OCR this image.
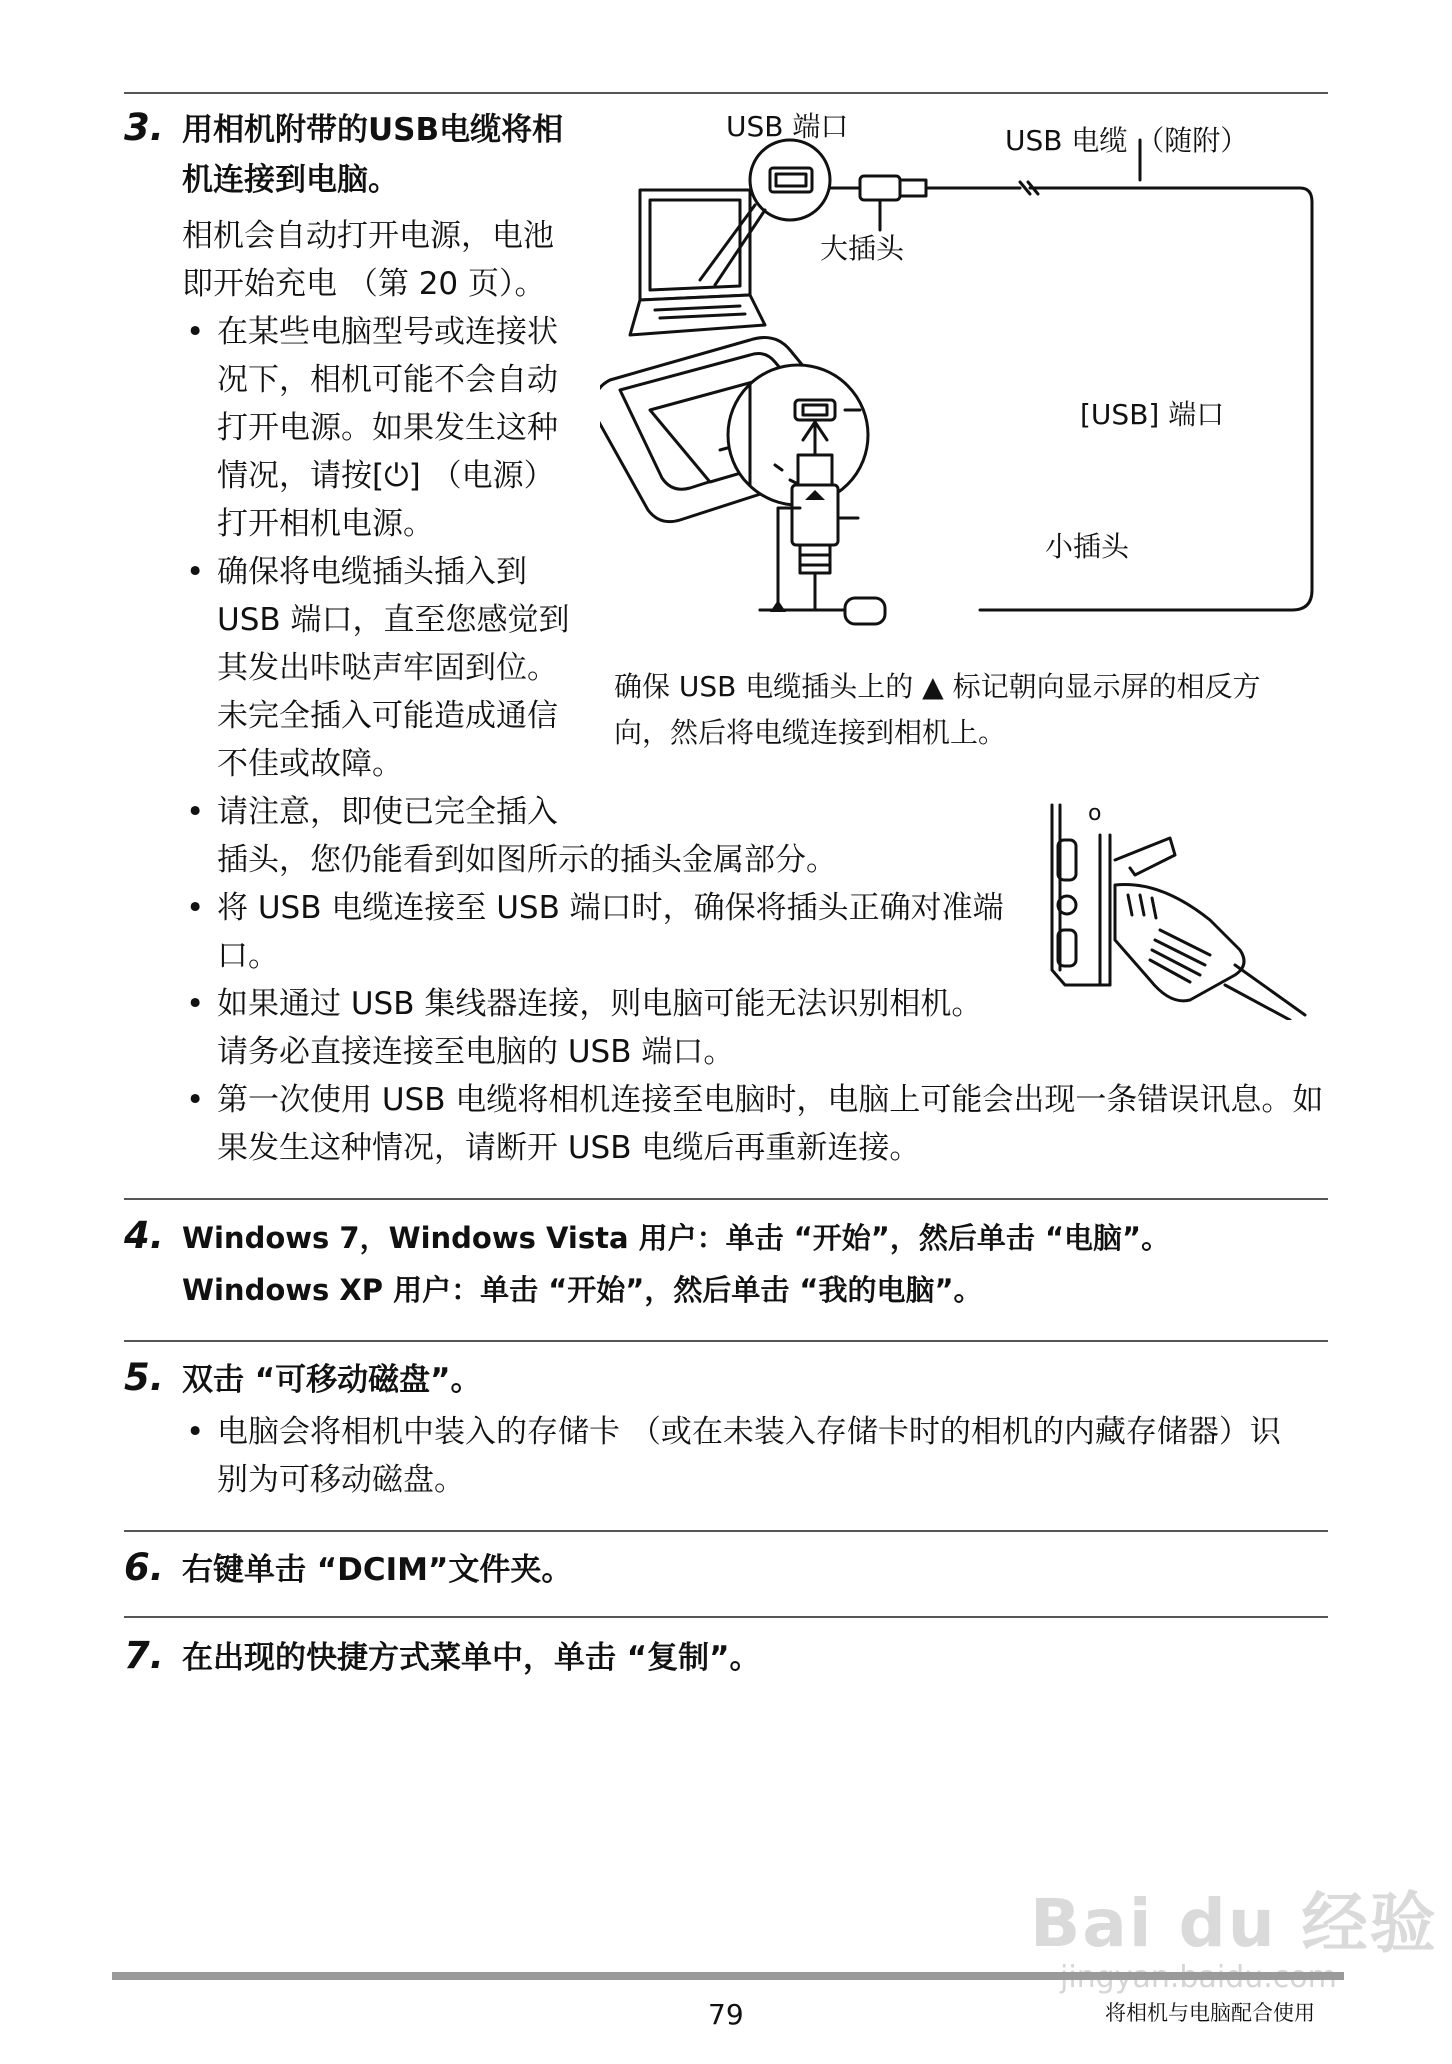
3. 用相机附带的USB电缆将相
机连接到电脑。
相机会自动打开电源，电池
即开始充电 （第 20 页）。
• 在某些电脑型号或连接状
况下，相机可能不会自动
打开电源。如果发生这种
情况，请按[⏻] （电源）
打开相机电源。
• 确保将电缆插头插入到
USB 端口，直至您感觉到
其发出咔哒声牢固到位。
未完全插入可能造成通信
不佳或故障。
• 请注意，即使已完全插入
插头，您仍能看到如图所示的插头金属部分。
• 将 USB 电缆连接至 USB 端口时，确保将插头正确对准端
口。
• 如果通过 USB 集线器连接，则电脑可能无法识别相机。
请务必直接连接至电脑的 USB 端口。
• 第一次使用 USB 电缆将相机连接至电脑时，电脑上可能会出现一条错误讯息。如
果发生这种情况，请断开 USB 电缆后再重新连接。
USB 端口	USB 电缆 （随附）
大插头
[USB] 端口
小插头
确保 USB 电缆插头上的 ▲ 标记朝向显示屏的相反方
向，然后将电缆连接到相机上。
o
4. Windows 7，Windows Vista 用户：单击 “开始”，然后单击 “电脑”。
Windows XP 用户：单击 “开始”，然后单击 “我的电脑”。
5. 双击 “可移动磁盘”。
• 电脑会将相机中装入的存储卡 （或在未装入存储卡时的相机的内藏存储器）识
别为可移动磁盘。
6. 右键单击 “DCIM”文件夹。
7. 在出现的快捷方式菜单中，单击 “复制”。
Bai du 经验
79	将相机与电脑配合使用
